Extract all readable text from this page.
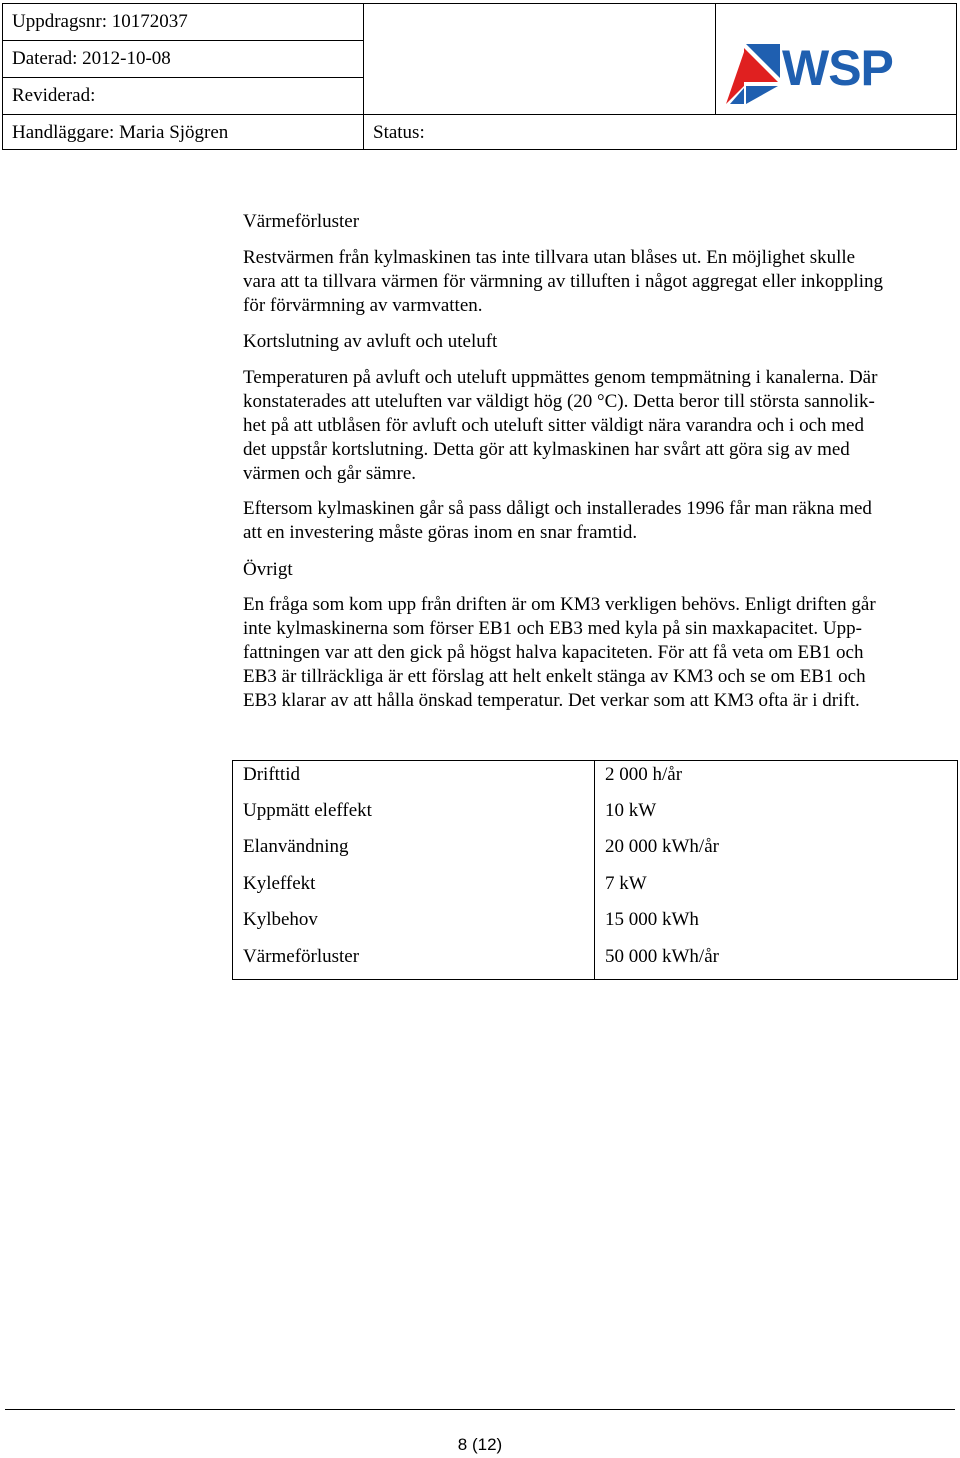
Uppdragsnr: 10172037
Daterad: 2012-10-08
Reviderad:
Handläggare: Maria Sjögren	Status:
WSP
Värmeförluster

Restvärmen från kylmaskinen tas inte tillvara utan blåses ut. En möjlighet skulle
vara att ta tillvara värmen för värmning av tilluften i något aggregat eller inkoppling
för förvärmning av varmvatten.

Kortslutning av avluft och uteluft

Temperaturen på avluft och uteluft uppmättes genom tempmätning i kanalerna. Där
konstaterades att uteluften var väldigt hög (20 °C). Detta beror till största sannolik-
het på att utblåsen för avluft och uteluft sitter väldigt nära varandra och i och med
det uppstår kortslutning. Detta gör att kylmaskinen har svårt att göra sig av med
värmen och går sämre.

Eftersom kylmaskinen går så pass dåligt och installerades 1996 får man räkna med
att en investering måste göras inom en snar framtid.

Övrigt

En fråga som kom upp från driften är om KM3 verkligen behövs. Enligt driften går
inte kylmaskinerna som förser EB1 och EB3 med kyla på sin maxkapacitet. Upp-
fattningen var att den gick på högst halva kapaciteten. För att få veta om EB1 och
EB3 är tillräckliga är ett förslag att helt enkelt stänga av KM3 och se om EB1 och
EB3 klarar av att hålla önskad temperatur. Det verkar som att KM3 ofta är i drift.

Drifttid	2 000 h/år
Uppmätt eleffekt	10 kW
Elanvändning	20 000 kWh/år
Kyleffekt	7 kW
Kylbehov	15 000 kWh
Värmeförluster	50 000 kWh/år
8 (12)
